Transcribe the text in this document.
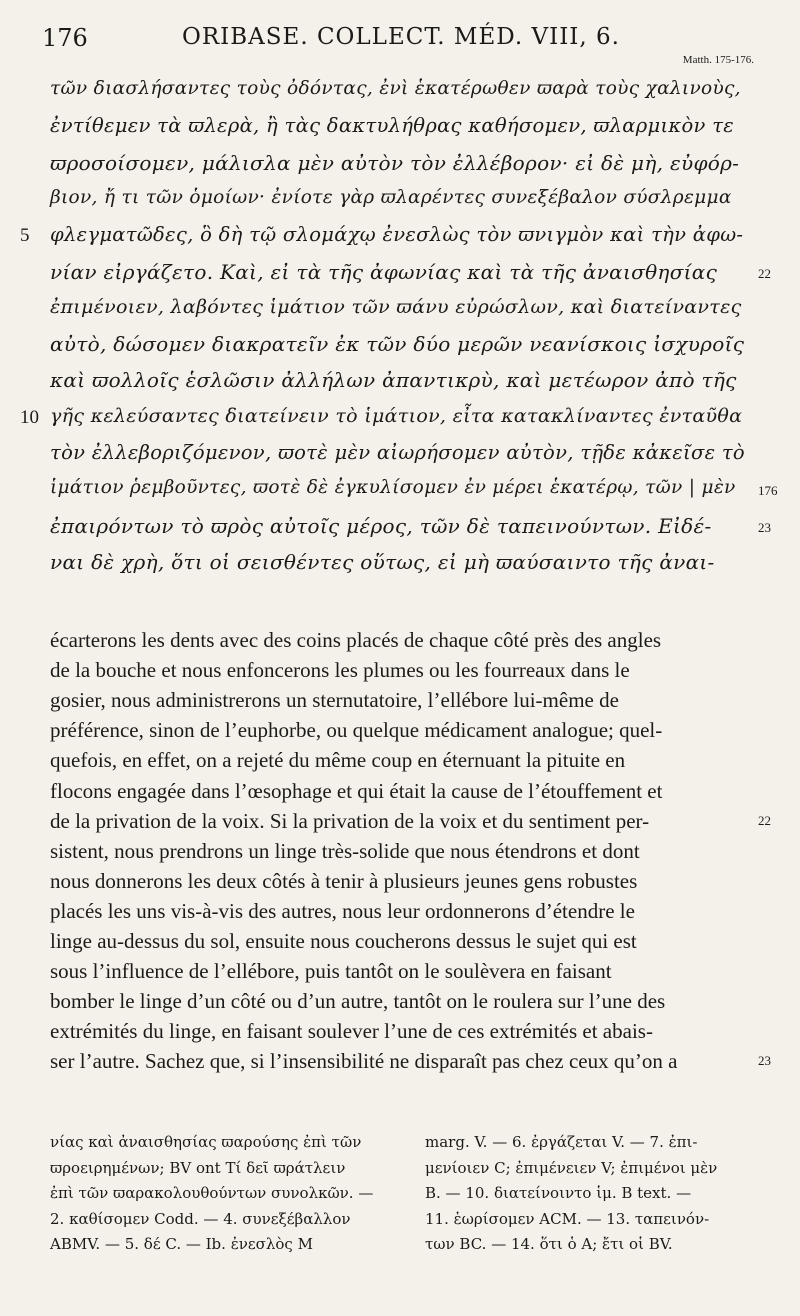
176	ORIBASE. COLLECT. MÉD. VIII, 6.
Matth. 175-176.
τῶν διασλήσαντες τοὺς ὀδόντας, ἐνὶ ἑκατέρωθεν ϖαρὰ τοὺς χαλινοὺς,
ἐντίθεμεν τὰ ϖλερὰ, ἢ τὰς δακτυλήθρας καθήσομεν, ϖλαρμικὸν τε
ϖροσοίσομεν, μάλισλα μὲν αὐτὸν τὸν ἐλλέβορον· εἰ δὲ μὴ, εὐφόρ-
βιον, ἤ τι τῶν ὁμοίων· ἐνίοτε γὰρ ϖλαρέντες συνεξέβαλον σύσλρεμμα
φλεγματῶδες, ὃ δὴ τῷ σλομάχῳ ἐνεσλὼς τὸν ϖνιγμὸν καὶ τὴν ἀφω-
νίαν εἰργάζετο. Καὶ, εἰ τὰ τῆς ἀφωνίας καὶ τὰ τῆς ἀναισθησίας
ἐπιμένοιεν, λαβόντες ἱμάτιον τῶν ϖάνυ εὐρώσλων, καὶ διατείναντες
αὐτὸ, δώσομεν διακρατεῖν ἐκ τῶν δύο μερῶν νεανίσκοις ἰσχυροῖς
καὶ ϖολλοῖς ἑσλῶσιν ἀλλήλων ἀπαντικρὺ, καὶ μετέωρον ἀπὸ τῆς
γῆς κελεύσαντες διατείνειν τὸ ἱμάτιον, εἶτα κατακλίναντες ἐνταῦθα
τὸν ἐλλεβοριζόμενον, ϖοτὲ μὲν αἰωρήσομεν αὐτὸν, τῇδε κἀκεῖσε τὸ
ἱμάτιον ῥεμβοῦντες, ϖοτὲ δὲ ἐγκυλίσομεν ἐν μέρει ἑκατέρῳ, τῶν | μὲν
ἐπαιρόντων τὸ ϖρὸς αὐτοῖς μέρος, τῶν δὲ ταπεινούντων. Εἰδέ-
ναι δὲ χρὴ, ὅτι οἱ σεισθέντες οὕτως, εἰ μὴ ϖαύσαιντο τῆς ἀναι-
5
10
22
176
23
écarterons les dents avec des coins placés de chaque côté près des angles
de la bouche et nous enfoncerons les plumes ou les fourreaux dans le
gosier, nous administrerons un sternutatoire, l’ellébore lui-même de
préférence, sinon de l’euphorbe, ou quelque médicament analogue; quel-
quefois, en effet, on a rejeté du même coup en éternuant la pituite en
flocons engagée dans l’œsophage et qui était la cause de l’étouffement et
de la privation de la voix. Si la privation de la voix et du sentiment per-
sistent, nous prendrons un linge très-solide que nous étendrons et dont
nous donnerons les deux côtés à tenir à plusieurs jeunes gens robustes
placés les uns vis-à-vis des autres, nous leur ordonnerons d’étendre le
linge au-dessus du sol, ensuite nous coucherons dessus le sujet qui est
sous l’influence de l’ellébore, puis tantôt on le soulèvera en faisant
bomber le linge d’un côté ou d’un autre, tantôt on le roulera sur l’une des
extrémités du linge, en faisant soulever l’une de ces extrémités et abais-
ser l’autre. Sachez que, si l’insensibilité ne disparaît pas chez ceux qu’on a
22
23
νίας καὶ ἀναισθησίας ϖαρούσης ἐπὶ τῶν
ϖροειρημένων; BV ont Τί δεῖ ϖράτλειν
ἐπὶ τῶν ϖαρακολουθούντων συνολκῶν. —
2. καθίσομεν Codd. — 4. συνεξέβαλλον
ABMV. — 5. δέ C. — Ib. ἐνεσλὸς M
marg. V. — 6. ἐργάζεται V. — 7. ἐπι-
μενίοιεν C; ἐπιμένειεν V; ἐπιμένοι μὲν
B. — 10. διατείνοιντο ἱμ. B text. —
11. ἑωρίσομεν ACM. — 13. ταπεινόν-
των BC. — 14. ὅτι ὁ A; ἔτι οἱ BV.
